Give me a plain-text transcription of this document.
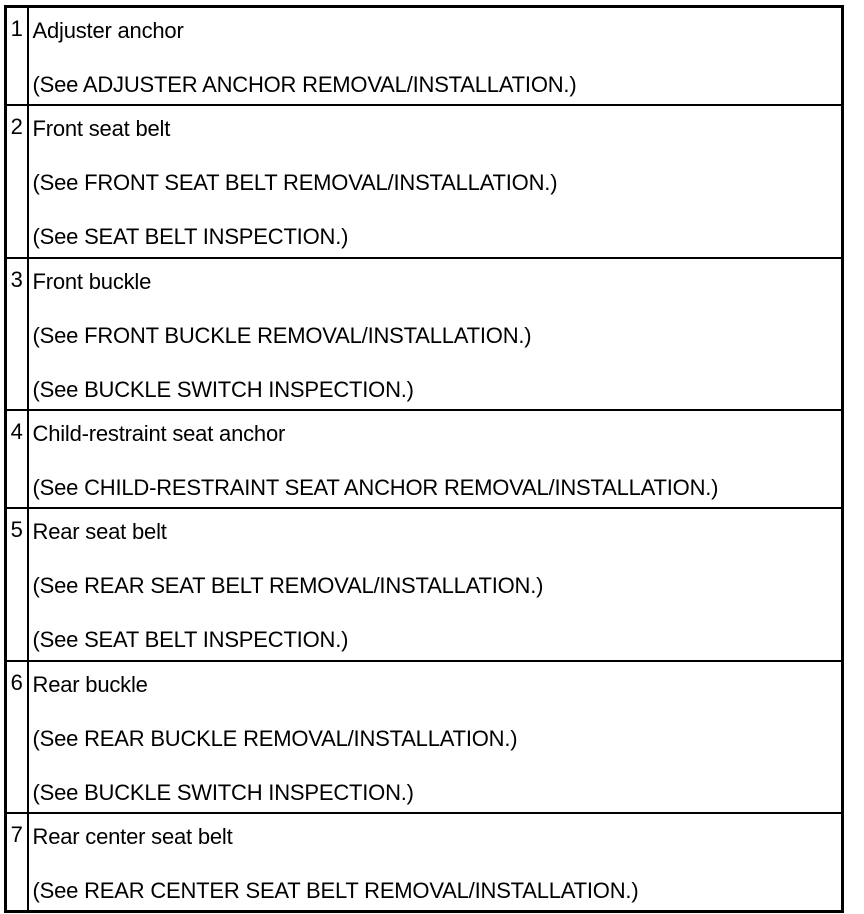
1	Adjuster anchor
(See ADJUSTER ANCHOR REMOVAL/INSTALLATION.)

2	Front seat belt
(See FRONT SEAT BELT REMOVAL/INSTALLATION.)
(See SEAT BELT INSPECTION.)

3	Front buckle
(See FRONT BUCKLE REMOVAL/INSTALLATION.)
(See BUCKLE SWITCH INSPECTION.)

4	Child-restraint seat anchor
(See CHILD-RESTRAINT SEAT ANCHOR REMOVAL/INSTALLATION.)

5	Rear seat belt
(See REAR SEAT BELT REMOVAL/INSTALLATION.)
(See SEAT BELT INSPECTION.)

6	Rear buckle
(See REAR BUCKLE REMOVAL/INSTALLATION.)
(See BUCKLE SWITCH INSPECTION.)

7	Rear center seat belt
(See REAR CENTER SEAT BELT REMOVAL/INSTALLATION.)
